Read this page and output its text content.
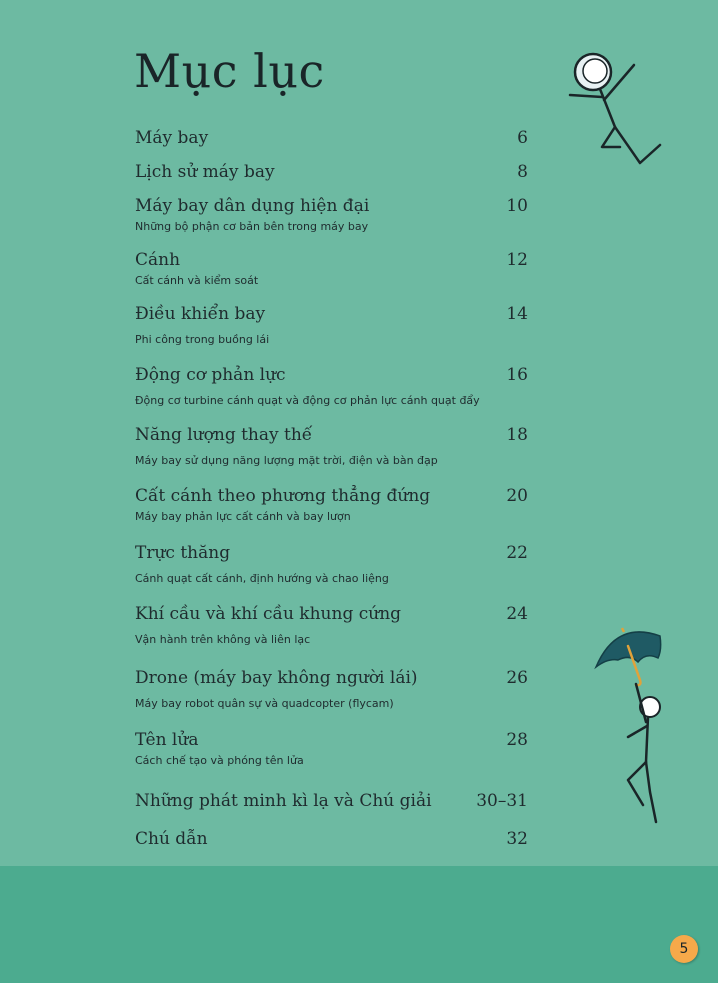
Mục lục
Máy bay	6
Lịch sử máy bay	8
Máy bay dân dụng hiện đại	10
Những bộ phận cơ bản bên trong máy bay
Cánh	12
Cất cánh và kiểm soát
Điều khiển bay	14
Phi công trong buồng lái
Động cơ phản lực	16
Động cơ turbine cánh quạt và động cơ phản lực cánh quạt đẩy
Năng lượng thay thế	18
Máy bay sử dụng năng lượng mặt trời, điện và bàn đạp
Cất cánh theo phương thẳng đứng	20
Máy bay phản lực cất cánh và bay lượn
Trực thăng	22
Cánh quạt cất cánh, định hướng và chao liệng
Khí cầu và khí cầu khung cứng	24
Vận hành trên không và liên lạc
Drone (máy bay không người lái)	26
Máy bay robot quân sự và quadcopter (flycam)
Tên lửa	28
Cách chế tạo và phóng tên lửa
Những phát minh kì lạ và Chú giải	30–31
Chú dẫn	32
5
